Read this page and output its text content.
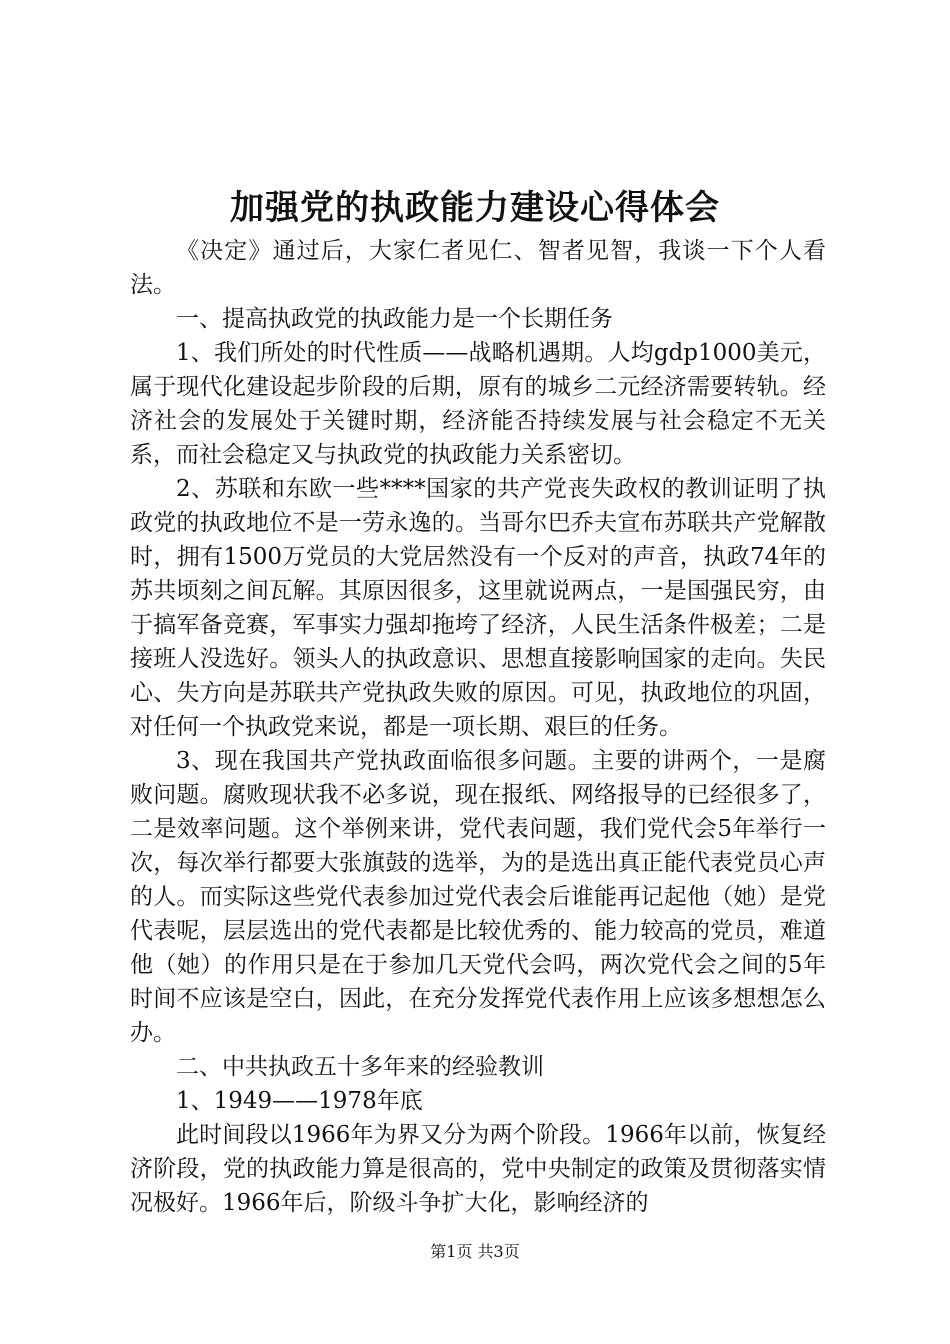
加强党的执政能力建设心得体会

《决定》通过后，大家仁者见仁、智者见智，我谈一下个人看法。

一、提高执政党的执政能力是一个长期任务

1、我们所处的时代性质——战略机遇期。人均gdp1000美元，属于现代化建设起步阶段的后期，原有的城乡二元经济需要转轨。经济社会的发展处于关键时期，经济能否持续发展与社会稳定不无关系，而社会稳定又与执政党的执政能力关系密切。

2、苏联和东欧一些****国家的共产党丧失政权的教训证明了执政党的执政地位不是一劳永逸的。当哥尔巴乔夫宣布苏联共产党解散时，拥有1500万党员的大党居然没有一个反对的声音，执政74年的苏共顷刻之间瓦解。其原因很多，这里就说两点，一是国强民穷，由于搞军备竞赛，军事实力强却拖垮了经济，人民生活条件极差；二是接班人没选好。领头人的执政意识、思想直接影响国家的走向。失民心、失方向是苏联共产党执政失败的原因。可见，执政地位的巩固，对任何一个执政党来说，都是一项长期、艰巨的任务。

3、现在我国共产党执政面临很多问题。主要的讲两个，一是腐败问题。腐败现状我不必多说，现在报纸、网络报导的已经很多了，二是效率问题。这个举例来讲，党代表问题，我们党代会5年举行一次，每次举行都要大张旗鼓的选举，为的是选出真正能代表党员心声的人。而实际这些党代表参加过党代表会后谁能再记起他（她）是党代表呢，层层选出的党代表都是比较优秀的、能力较高的党员，难道他（她）的作用只是在于参加几天党代会吗，两次党代会之间的5年时间不应该是空白，因此，在充分发挥党代表作用上应该多想想怎么办。

二、中共执政五十多年来的经验教训

1、1949——1978年底

此时间段以1966年为界又分为两个阶段。1966年以前，恢复经济阶段，党的执政能力算是很高的，党中央制定的政策及贯彻落实情况极好。1966年后，阶级斗争扩大化，影响经济的

第1页 共3页
